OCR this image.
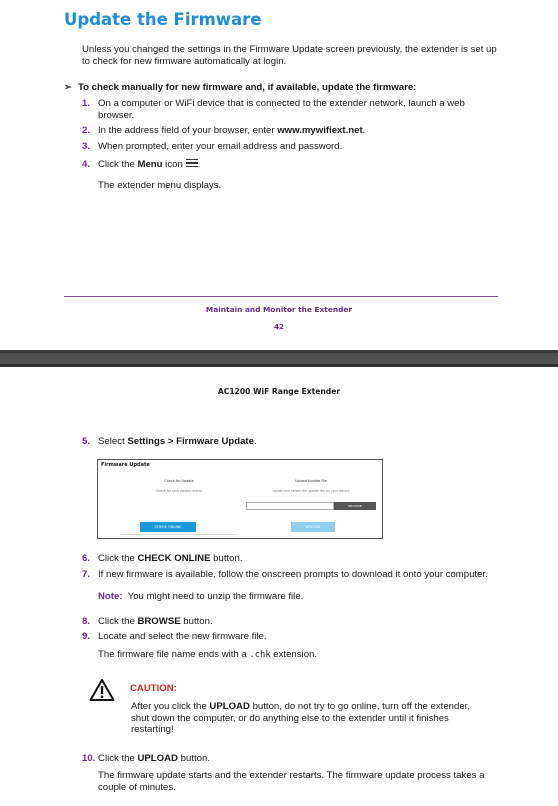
Update the Firmware
Unless you changed the settings in the Firmware Update screen previously, the extender is set up to check for new firmware automatically at login.
➢ To check manually for new firmware and, if available, update the firmware:
1. On a computer or WiFi device that is connected to the extender network, launch a web browser.
2. In the address field of your browser, enter www.mywifiext.net.
3. When prompted, enter your email address and password.
4. Click the Menu icon .
The extender menu displays.
Maintain and Monitor the Extender
42
AC1200 WiF Range Extender
5. Select Settings > Firmware Update.
Firmware Update
Check for Update

Check for new version online

Upload Update File

Locate and select the update file on your device

CHECK ONLINE
BROWSE
UPLOAD
6. Click the CHECK ONLINE button.
7. If new firmware is available, follow the onscreen prompts to download it onto your computer.
Note: You might need to unzip the firmware file.
8. Click the BROWSE button.
9. Locate and select the new firmware file.
The firmware file name ends with a .chk extension.
CAUTION:
After you click the UPLOAD button, do not try to go online, turn off the extender, shut down the computer, or do anything else to the extender until it finishes restarting!
10. Click the UPLOAD button.
The firmware update starts and the extender restarts. The firmware update process takes a couple of minutes.
